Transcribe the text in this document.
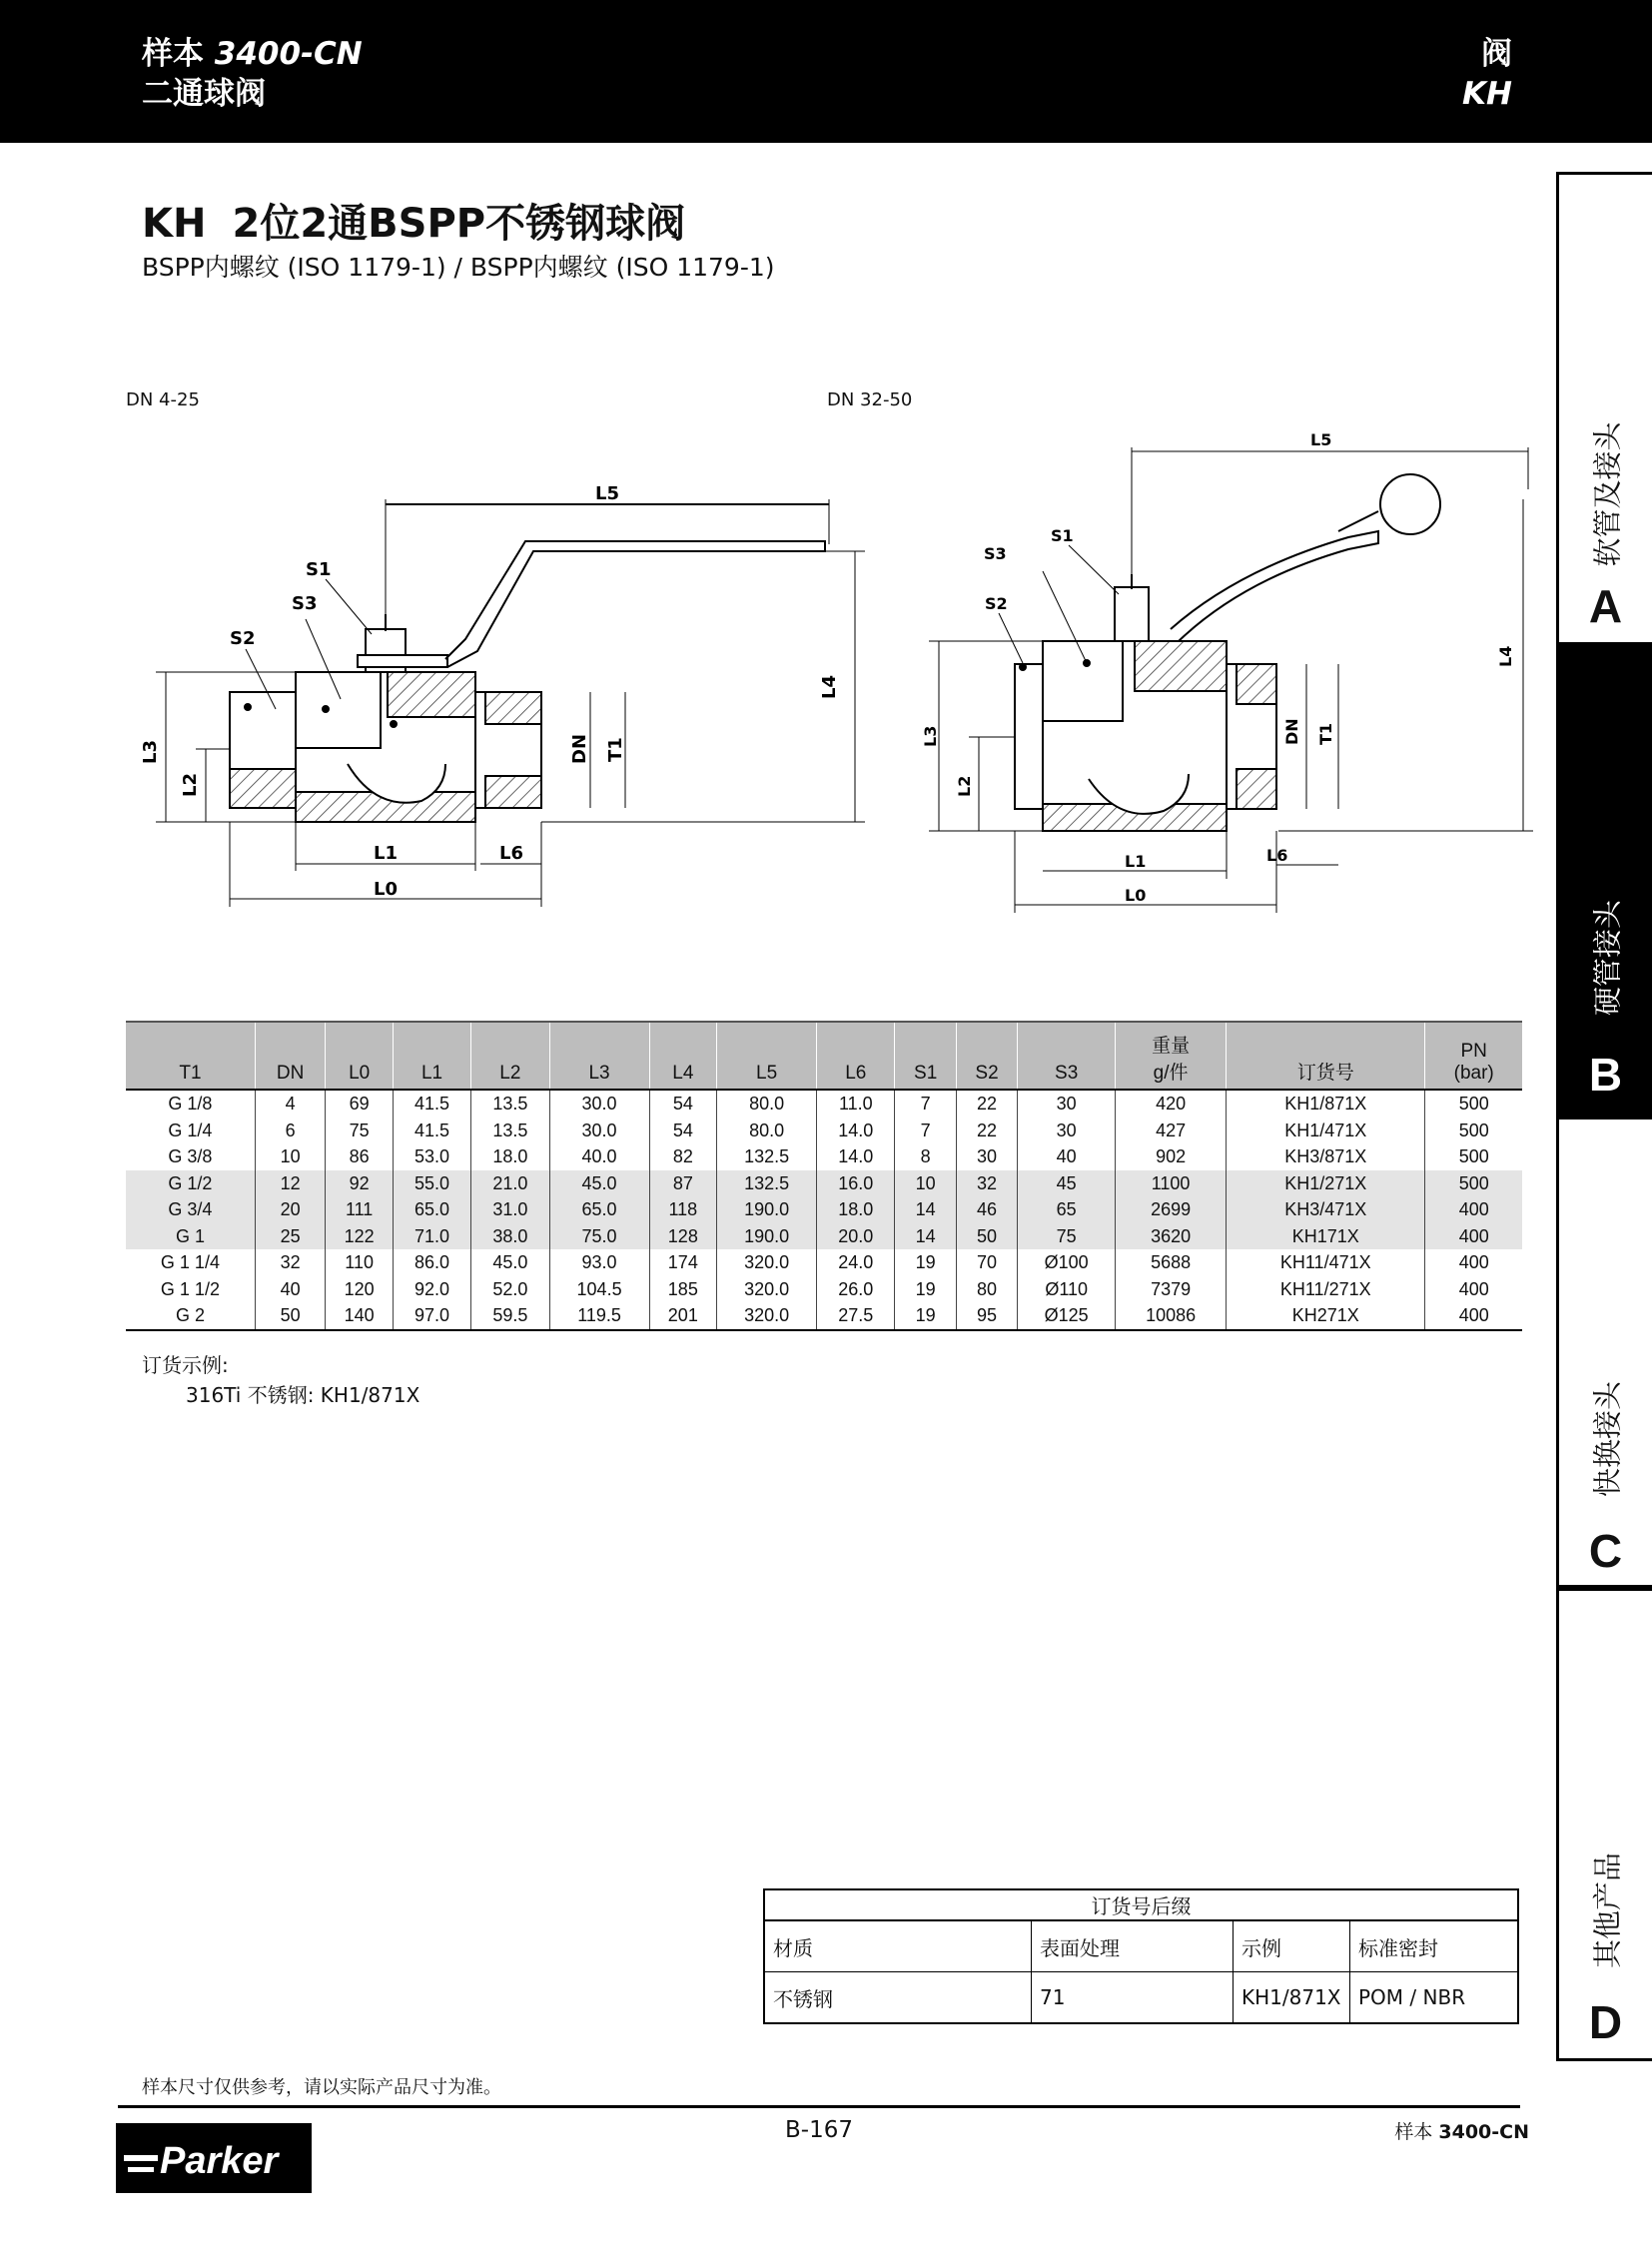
样本 3400-CN
二通球阀
阀
KH
KH 2位2通BSPP不锈钢球阀
BSPP内螺纹 (ISO 1179-1) / BSPP内螺纹 (ISO 1179-1)
DN 4-25	DN 32-50
L5
L4
L3
L2
L1
L0
L6
DN T1
S2
S3
S1
L5
L4
L3
L2
L1
L0
L6
DN T1
S2
S3
S1
T1	DN	L0	L1	L2	L3	L4	L5	L6	S1	S2	S3	重量
g/件	订货号	PN
(bar)
G 1/8	4	69	41.5	13.5	30.0	54	80.0	11.0	7	22	30	420	KH1/871X	500
G 1/4	6	75	41.5	13.5	30.0	54	80.0	14.0	7	22	30	427	KH1/471X	500
G 3/8	10	86	53.0	18.0	40.0	82	132.5	14.0	8	30	40	902	KH3/871X	500
G 1/2	12	92	55.0	21.0	45.0	87	132.5	16.0	10	32	45	1100	KH1/271X	500
G 3/4	20	111	65.0	31.0	65.0	118	190.0	18.0	14	46	65	2699	KH3/471X	400
G 1	25	122	71.0	38.0	75.0	128	190.0	20.0	14	50	75	3620	KH171X	400
G 1 1/4	32	110	86.0	45.0	93.0	174	320.0	24.0	19	70	Ø100	5688	KH11/471X	400
G 1 1/2	40	120	92.0	52.0	104.5	185	320.0	26.0	19	80	Ø110	7379	KH11/271X	400
G 2	50	140	97.0	59.5	119.5	201	320.0	27.5	19	95	Ø125	10086	KH271X	400
订货示例:
316Ti 不锈钢: KH1/871X
订货号后缀			
材质	表面处理	示例	标准密封
不锈钢	71	KH1/871X	POM / NBR
样本尺寸仅供参考，请以实际产品尺寸为准。
B-167	样本 3400-CN
Parker
软管及接头
A
硬管接头
B
快换接头
C
其他产品
D
